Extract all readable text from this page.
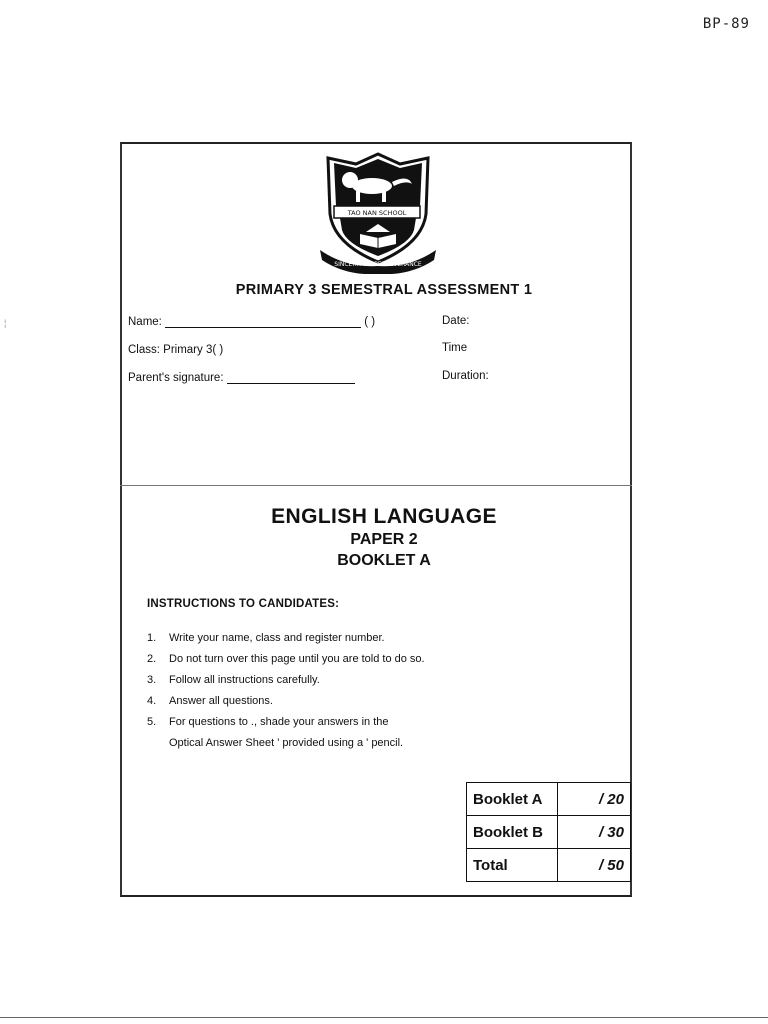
BP-89
TAO NAN SCHOOL
SINCERITY & PERSEVERANCE
PRIMARY 3 SEMESTRAL ASSESSMENT 1
Name:	( )	Date:
Class: Primary 3( )	Time
Parent's signature:	Duration:
ENGLISH LANGUAGE
PAPER 2
BOOKLET A
INSTRUCTIONS TO CANDIDATES:
1.	Write your name, class and register number.
2.	Do not turn over this page until you are told to do so.
3.	Follow all instructions carefully.
4.	Answer all questions.
5.	For questions to ., shade your answers in the
Optical Answer Sheet ' provided using a ' pencil.
Booklet A	/ 20
Booklet B	/ 30
Total	/ 50
¦
